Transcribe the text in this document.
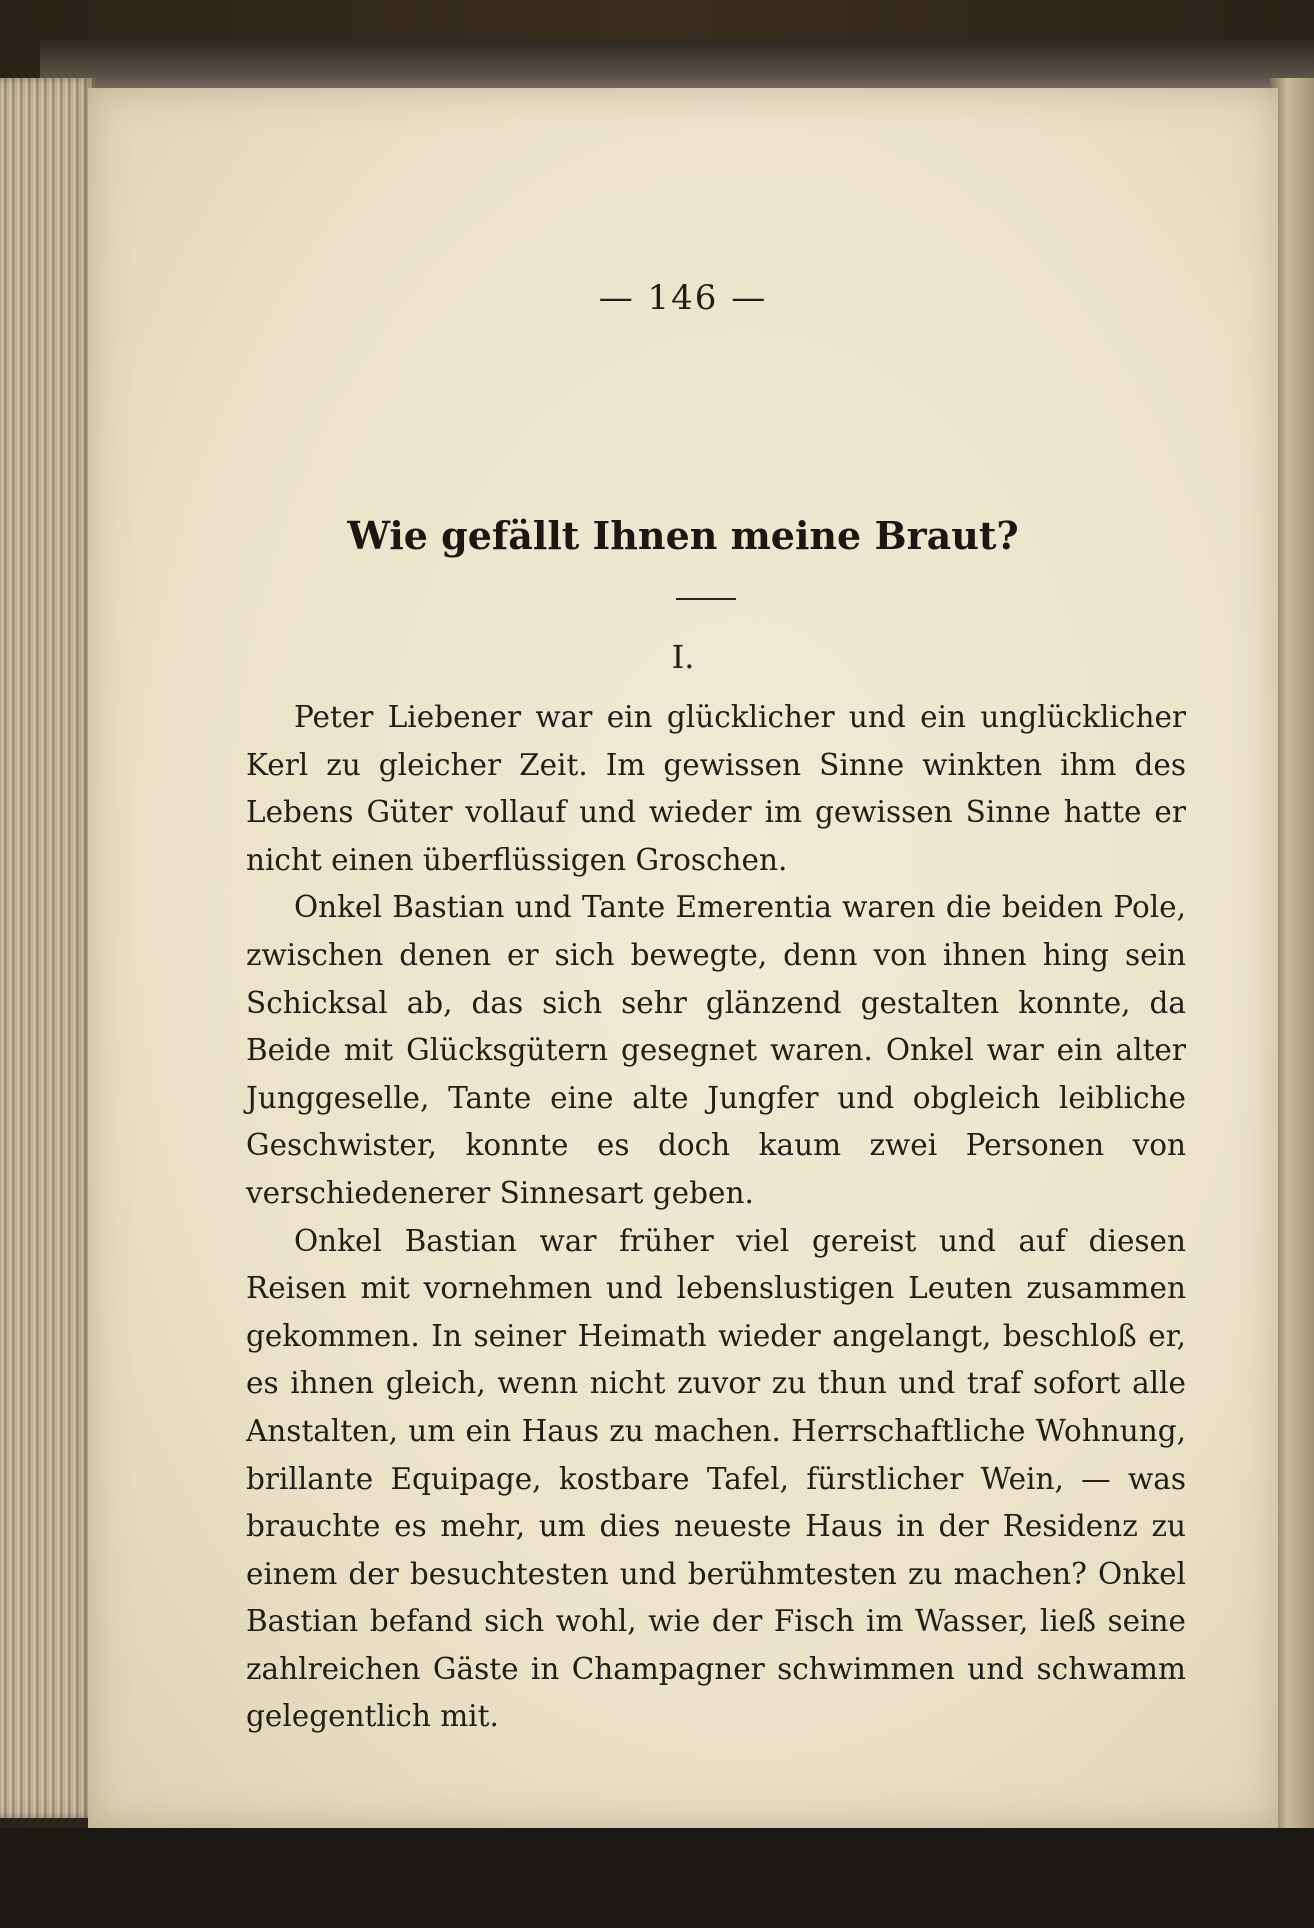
— 146 —
Wie gefällt Ihnen meine Braut?
I.

Peter Liebener war ein glücklicher und ein unglücklicher Kerl zu gleicher Zeit. Im gewissen Sinne winkten ihm des Lebens Güter vollauf und wieder im gewissen Sinne hatte er nicht einen überflüssigen Groschen.

Onkel Bastian und Tante Emerentia waren die beiden Pole, zwischen denen er sich bewegte, denn von ihnen hing sein Schicksal ab, das sich sehr glänzend gestalten konnte, da Beide mit Glücksgütern gesegnet waren. Onkel war ein alter Junggeselle, Tante eine alte Jungfer und obgleich leibliche Geschwister, konnte es doch kaum zwei Personen von verschiedenerer Sinnesart geben.

Onkel Bastian war früher viel gereist und auf diesen Reisen mit vornehmen und lebenslustigen Leuten zusammen gekommen. In seiner Heimath wieder angelangt, beschloß er, es ihnen gleich, wenn nicht zuvor zu thun und traf sofort alle Anstalten, um ein Haus zu machen. Herrschaftliche Wohnung, brillante Equipage, kostbare Tafel, fürstlicher Wein, — was brauchte es mehr, um dies neueste Haus in der Residenz zu einem der besuchtesten und berühmtesten zu machen? Onkel Bastian befand sich wohl, wie der Fisch im Wasser, ließ seine zahlreichen Gäste in Champagner schwimmen und schwamm gelegentlich mit.
